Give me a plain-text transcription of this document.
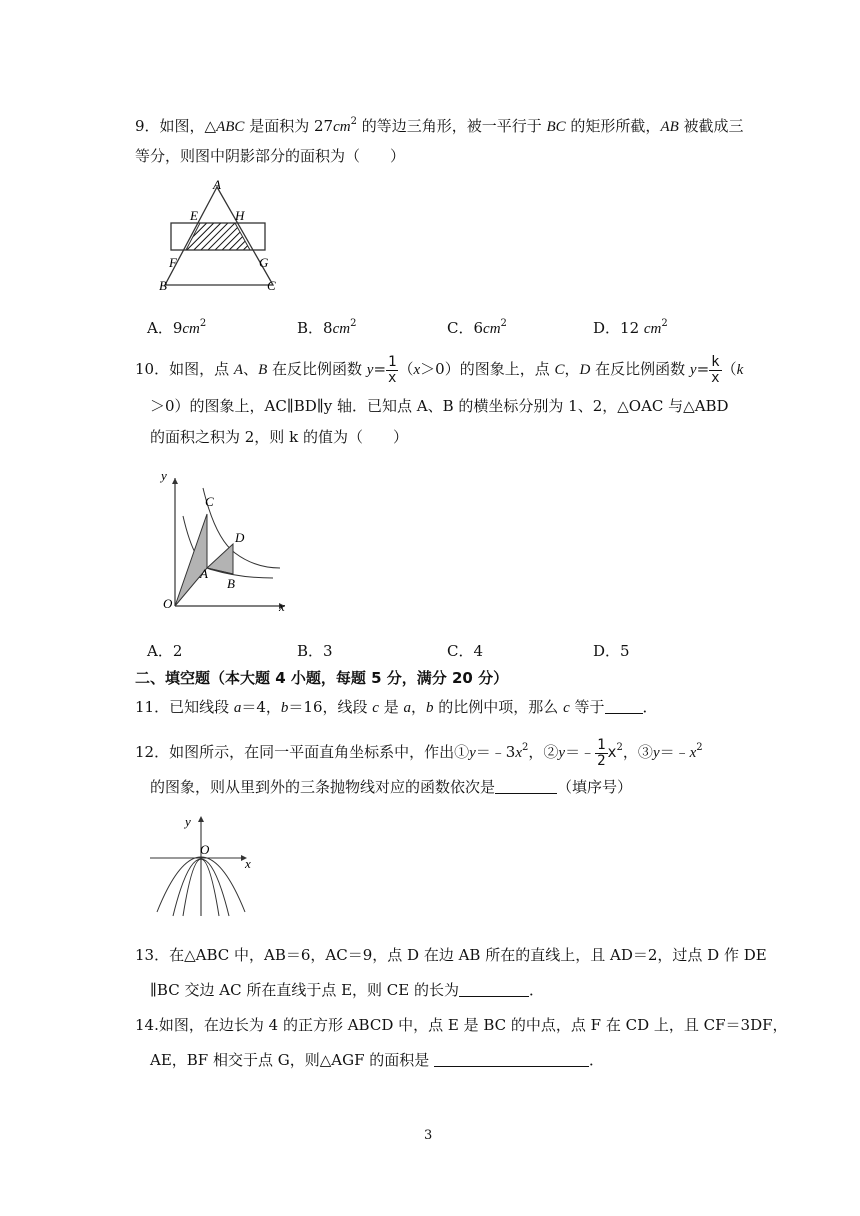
9．如图，△ABC 是面积为 $27cm^2$ 的等边三角形，被一平行于 BC 的矩形所截，AB 被截成三
等分，则图中阴影部分的面积为（　　）
A
E	H
F	G
B	C
A．$9cm^2$	B．$8cm^2$	C．$6cm^2$	D．12 $cm^2$
10．如图，点 A、B 在反比例函数 $y= \frac{1}{x} (x>0)$的图象上，点 C，D 在反比例函数 $y= \frac{k}{x} (k$
＞0）的图象上，AC∥BD∥y 轴．已知点 A、B 的横坐标分别为 1、2，△OAC 与△ABD
的面积之积为 2，则 k 的值为（　　）
C
D
A
B
y
O	x
A．2	B．3	C．4	D．5
二、填空题（本大题 4 小题，每题 5 分，满分 20 分）
11．已知线段 a＝4，b＝16，线段 c 是 a，b 的比例中项，那么 c 等于	．
12．如图所示，在同一平面直角坐标系中，作出$①y=﹣3x^2$，②y＝﹣ $\frac{1}{2} x^2$，$③y=﹣x^2$
的图象，则从里到外的三条抛物线对应的函数依次是	（填序号）
y
O
x
13．在△ABC 中，AB＝6，AC＝9，点 D 在边 AB 所在的直线上，且 AD＝2，过点 D 作 DE
∥BC 交边 AC 所在直线于点 E，则 CE 的长为	．
14.如图，在边长为 4 的正方形 ABCD 中，点 E 是 BC 的中点，点 F 在 CD 上，且 CF＝3DF，
AE，BF 相交于点 G，则△AGF 的面积是	．
3
